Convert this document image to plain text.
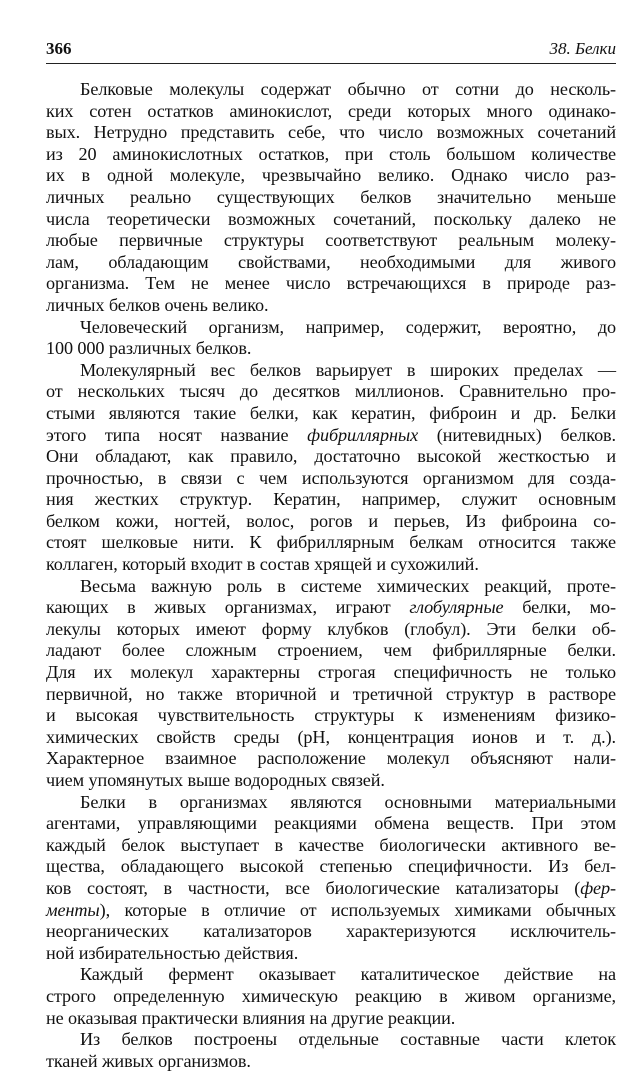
366	38. Белки
Белковые молекулы содержат обычно от сотни до несколь-
ких сотен остатков аминокислот, среди которых много одинако-
вых. Нетрудно представить себе, что число возможных сочетаний
из 20 аминокислотных остатков, при столь большом количестве
их в одной молекуле, чрезвычайно велико. Однако число раз-
личных реально существующих белков значительно меньше
числа теоретически возможных сочетаний, поскольку далеко не
любые первичные структуры соответствуют реальным молеку-
лам, обладающим свойствами, необходимыми для живого
организма. Тем не менее число встречающихся в природе раз-
личных белков очень велико.
Человеческий организм, например, содержит, вероятно, до
100 000 различных белков.
Молекулярный вес белков варьирует в широких пределах —
от нескольких тысяч до десятков миллионов. Сравнительно про-
стыми являются такие белки, как кератин, фиброин и др. Белки
этого типа носят название фибриллярных (нитевидных) белков.
Они обладают, как правило, достаточно высокой жесткостью и
прочностью, в связи с чем используются организмом для созда-
ния жестких структур. Кератин, например, служит основным
белком кожи, ногтей, волос, рогов и перьев, Из фиброина со-
стоят шелковые нити. К фибриллярным белкам относится также
коллаген, который входит в состав хрящей и сухожилий.
Весьма важную роль в системе химических реакций, проте-
кающих в живых организмах, играют глобулярные белки, мо-
лекулы которых имеют форму клубков (глобул). Эти белки об-
ладают более сложным строением, чем фибриллярные белки.
Для их молекул характерны строгая специфичность не только
первичной, но также вторичной и третичной структур в растворе
и высокая чувствительность структуры к изменениям физико-
химических свойств среды (pH, концентрация ионов и т. д.).
Характерное взаимное расположение молекул объясняют нали-
чием упомянутых выше водородных связей.
Белки в организмах являются основными материальными
агентами, управляющими реакциями обмена веществ. При этом
каждый белок выступает в качестве биологически активного ве-
щества, обладающего высокой степенью специфичности. Из бел-
ков состоят, в частности, все биологические катализаторы (фер-
менты), которые в отличие от используемых химиками обычных
неорганических катализаторов характеризуются исключитель-
ной избирательностью действия.
Каждый фермент оказывает каталитическое действие на
строго определенную химическую реакцию в живом организме,
не оказывая практически влияния на другие реакции.
Из белков построены отдельные составные части клеток
тканей живых организмов.
